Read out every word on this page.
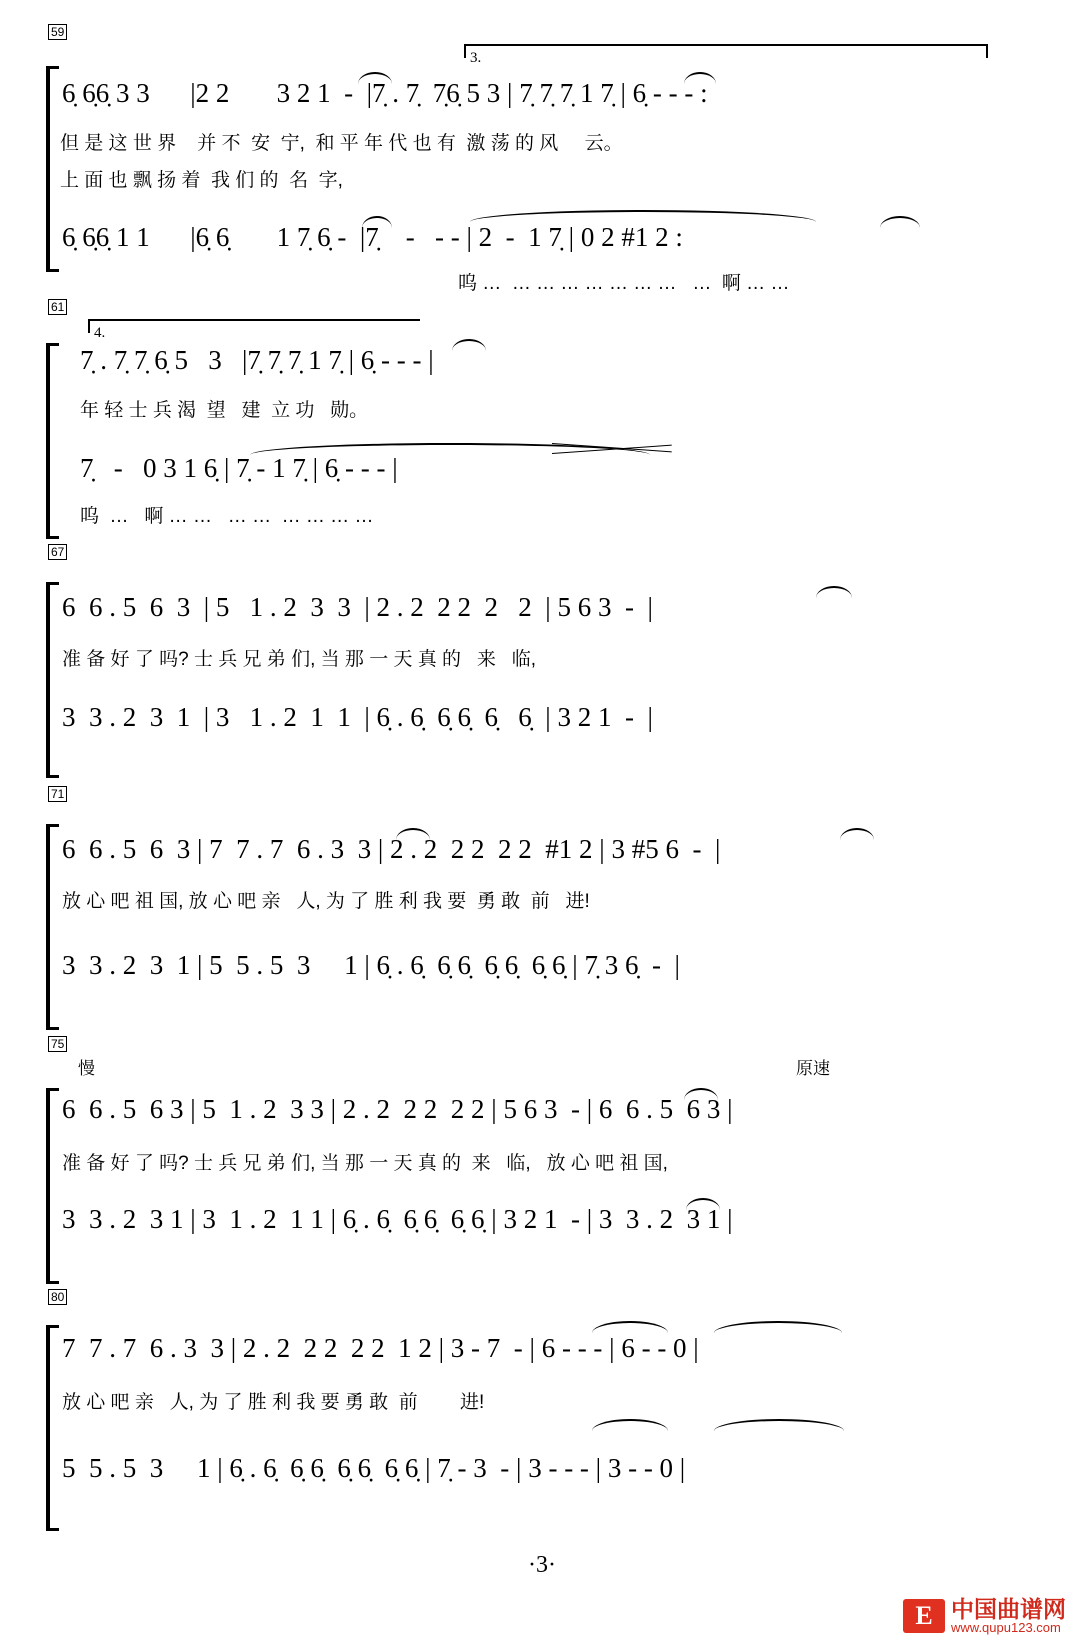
59
3.
6̣ 6̣6̣ 3 3      |2 2       3 2 1  -  |7̣ . 7̣  7̣6̣ 5 3 | 7̣ 7̣ 7̣ 1 7̣ | 6̣ - - - :
但 是 这 世 界    并 不  安  宁,  和 平 年 代 也 有  激 荡 的 风     云。
上 面 也 飘 扬 着  我 们 的  名  字,
6̣ 6̣6̣ 1 1      |6̣ 6̣       1 7̣ 6̣ -  |7̣    -   - - | 2  -  1 7̣ | 0 2 #1 2 :
呜 …  … … … … … … …   …  啊 … …
61
4.
7̣ . 7̣ 7̣ 6̣ 5   3   |7̣ 7̣ 7̣ 1 7̣ | 6̣ - - - |
年 轻 士 兵 渴  望   建  立 功   勋。
7̣   -   0 3 1 6̣ | 7̣ - 1 7̣ | 6̣ - - - |
呜  …   啊 … …   … …  … … … …
67
6  6 . 5  6  3  | 5   1 . 2  3  3  | 2 . 2  2 2  2   2  | 5 6 3  -  |
准 备 好 了 吗? 士 兵 兄 弟 们, 当 那 一 天 真 的   来   临,
3  3 . 2  3  1  | 3   1 . 2  1  1  | 6̣ . 6̣  6̣ 6̣  6̣   6̣  | 3 2 1  -  |
71
6  6 . 5  6  3 | 7  7 . 7  6 . 3  3 | 2 . 2  2 2  2 2  #1 2 | 3 #5 6  -  |
放 心 吧 祖 国, 放 心 吧 亲   人, 为 了 胜 利 我 要  勇 敢  前   进!
3  3 . 2  3  1 | 5  5 . 5  3     1 | 6̣ . 6̣  6̣ 6̣  6̣ 6̣  6̣ 6̣ | 7̣ 3 6̣  -  |
75
慢	原速
6  6 . 5  6 3 | 5  1 . 2  3 3 | 2 . 2  2 2  2 2 | 5 6 3  - | 6  6 . 5  6 3 |
准 备 好 了 吗? 士 兵 兄 弟 们, 当 那 一 天 真 的  来   临,   放 心 吧 祖 国,
3  3 . 2  3 1 | 3  1 . 2  1 1 | 6̣ . 6̣  6̣ 6̣  6̣ 6̣ | 3 2 1  - | 3  3 . 2  3 1 |
80
7  7 . 7  6 . 3  3 | 2 . 2  2 2  2 2  1 2 | 3 - 7  - | 6 - - - | 6 - - 0 |
放 心 吧 亲   人, 为 了 胜 利 我 要 勇 敢  前        进!
5  5 . 5  3     1 | 6̣ . 6̣  6̣ 6̣  6̣ 6̣  6̣ 6̣ | 7̣ - 3  - | 3 - - - | 3 - - 0 |
·3·
E 中国曲谱网
www.qupu123.com
